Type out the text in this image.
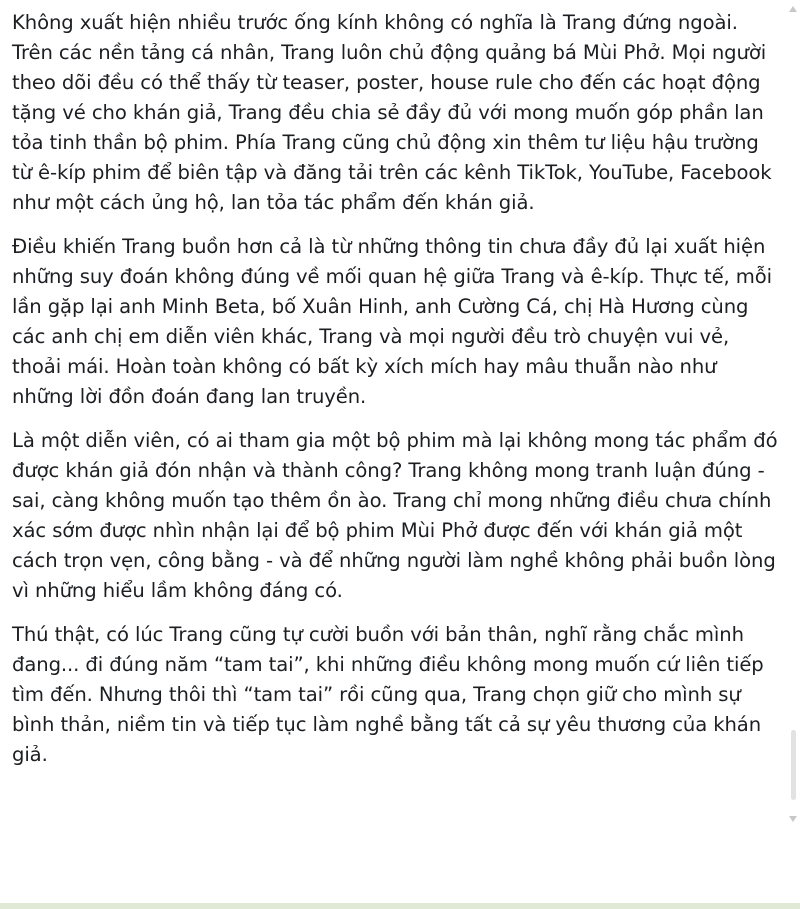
Không xuất hiện nhiều trước ống kính không có nghĩa là Trang đứng ngoài. Trên các nền tảng cá nhân, Trang luôn chủ động quảng bá Mùi Phở. Mọi người theo dõi đều có thể thấy từ teaser, poster, house rule cho đến các hoạt động tặng vé cho khán giả, Trang đều chia sẻ đầy đủ với mong muốn góp phần lan tỏa tinh thần bộ phim. Phía Trang cũng chủ động xin thêm tư liệu hậu trường từ ê-kíp phim để biên tập và đăng tải trên các kênh TikTok, YouTube, Facebook như một cách ủng hộ, lan tỏa tác phẩm đến khán giả.

Điều khiến Trang buồn hơn cả là từ những thông tin chưa đầy đủ lại xuất hiện những suy đoán không đúng về mối quan hệ giữa Trang và ê-kíp. Thực tế, mỗi lần gặp lại anh Minh Beta, bố Xuân Hinh, anh Cường Cá, chị Hà Hương cùng các anh chị em diễn viên khác, Trang và mọi người đều trò chuyện vui vẻ, thoải mái. Hoàn toàn không có bất kỳ xích mích hay mâu thuẫn nào như những lời đồn đoán đang lan truyền.

Là một diễn viên, có ai tham gia một bộ phim mà lại không mong tác phẩm đó được khán giả đón nhận và thành công? Trang không mong tranh luận đúng - sai, càng không muốn tạo thêm ồn ào. Trang chỉ mong những điều chưa chính xác sớm được nhìn nhận lại để bộ phim Mùi Phở được đến với khán giả một cách trọn vẹn, công bằng - và để những người làm nghề không phải buồn lòng vì những hiểu lầm không đáng có.

Thú thật, có lúc Trang cũng tự cười buồn với bản thân, nghĩ rằng chắc mình đang... đi đúng năm “tam tai”, khi những điều không mong muốn cứ liên tiếp tìm đến. Nhưng thôi thì “tam tai” rồi cũng qua, Trang chọn giữ cho mình sự bình thản, niềm tin và tiếp tục làm nghề bằng tất cả sự yêu thương của khán giả.
